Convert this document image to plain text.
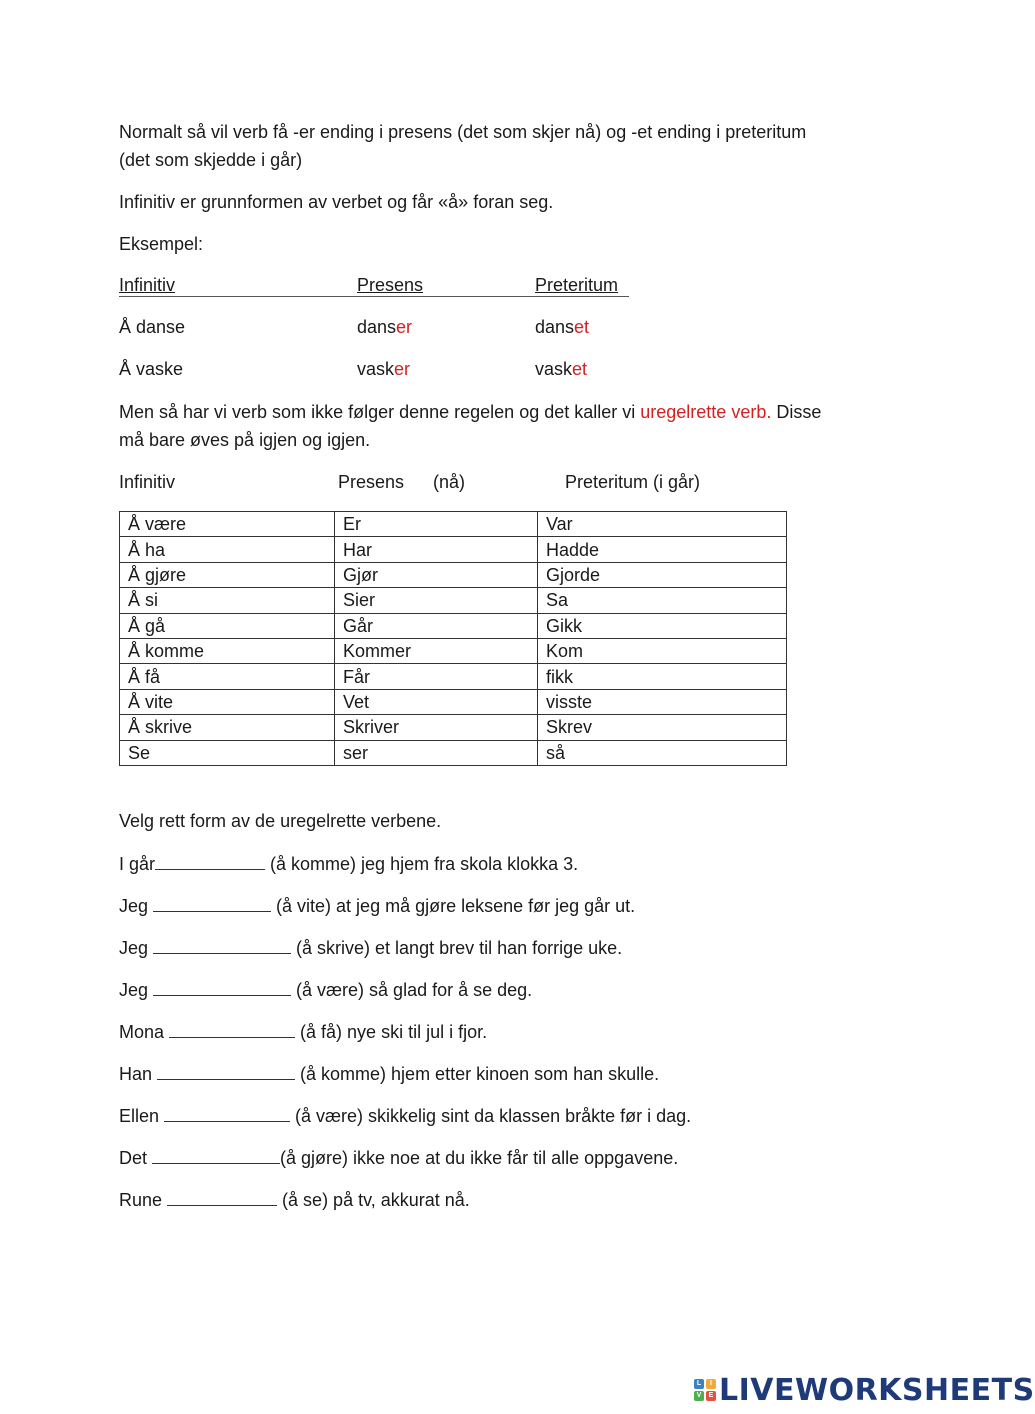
Normalt så vil verb få -er ending i presens (det som skjer nå) og -et ending i preteritum
(det som skjedde i går)

Infinitiv er grunnformen av verbet og får «å» foran seg.

Eksempel:

Infinitiv	Presens	Preteritum
Å danse	danser	danset
Å vaske	vasker	vasket

Men så har vi verb som ikke følger denne regelen og det kaller vi uregelrette verb. Disse
må bare øves på igjen og igjen.

Infinitiv	Presens (nå)	Preteritum (i går)
Å være	Er	Var
Å ha	Har	Hadde
Å gjøre	Gjør	Gjorde
Å si	Sier	Sa
Å gå	Går	Gikk
Å komme	Kommer	Kom
Å få	Får	fikk
Å vite	Vet	visste
Å skrive	Skriver	Skrev
Se	ser	så
Velg rett form av de uregelrette verbene.
I går	(å komme) jeg hjem fra skola klokka 3.
Jeg	(å vite) at jeg må gjøre leksene før jeg går ut.
Jeg	(å skrive) et langt brev til han forrige uke.
Jeg	(å være) så glad for å se deg.
Mona	(å få) nye ski til jul i fjor.
Han	(å komme) hjem etter kinoen som han skulle.
Ellen	(å være) skikkelig sint da klassen bråkte før i dag.
Det	(å gjøre) ikke noe at du ikke får til alle oppgavene.
Rune	(å se) på tv, akkurat nå.
L	I
V	E LIVEWORKSHEETS
